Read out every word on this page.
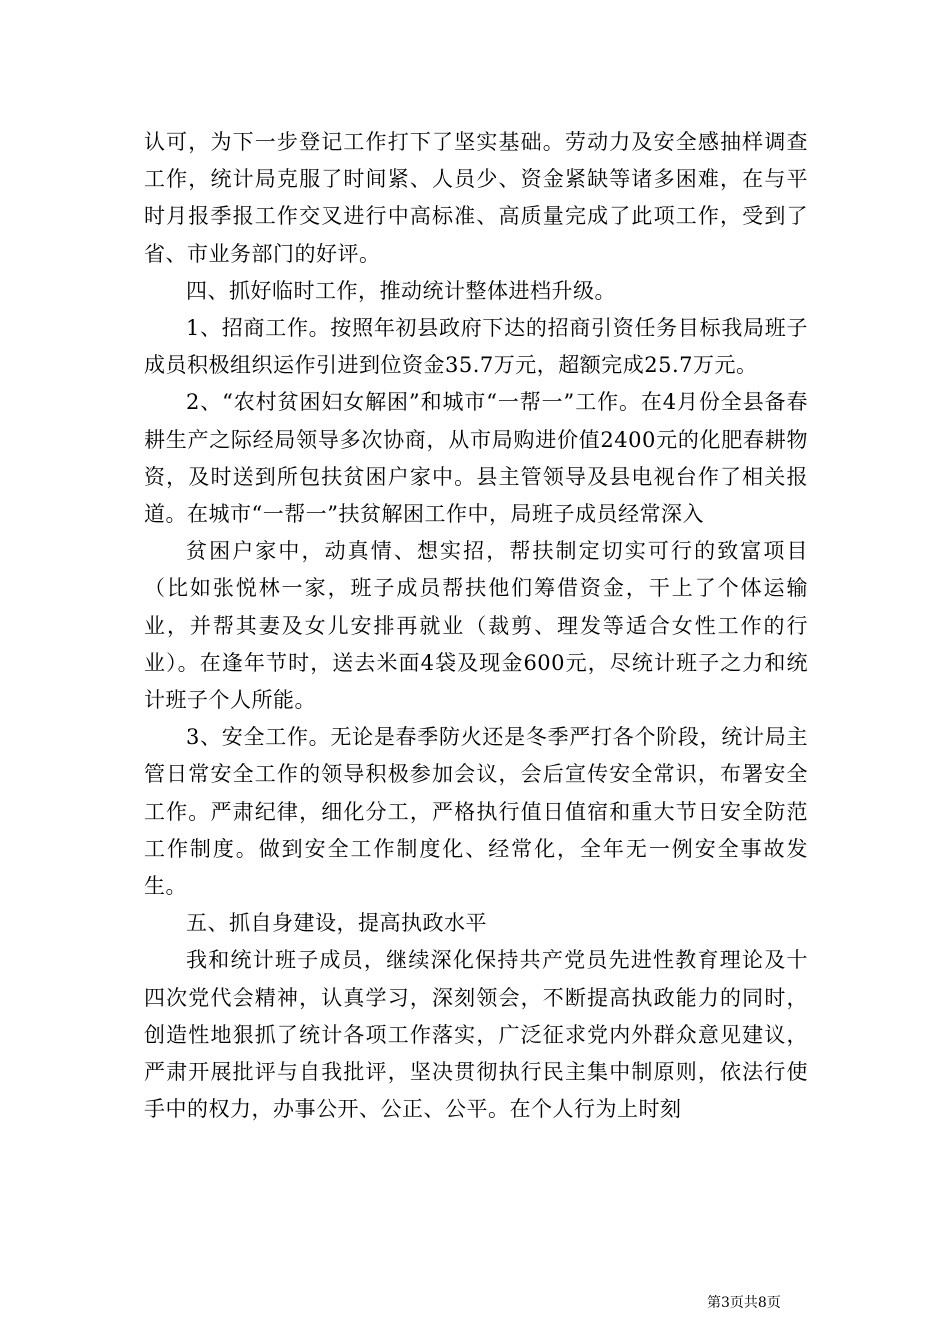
认可，为下一步登记工作打下了坚实基础。劳动力及安全感抽样调查工作，统计局克服了时间紧、人员少、资金紧缺等诸多困难，在与平时月报季报工作交叉进行中高标准、高质量完成了此项工作，受到了省、市业务部门的好评。

四、抓好临时工作，推动统计整体进档升级。

1、招商工作。按照年初县政府下达的招商引资任务目标我局班子成员积极组织运作引进到位资金35.7万元，超额完成25.7万元。

2、“农村贫困妇女解困”和城市“一帮一”工作。在4月份全县备春耕生产之际经局领导多次协商，从市局购进价值2400元的化肥春耕物资，及时送到所包扶贫困户家中。县主管领导及县电视台作了相关报道。在城市“一帮一”扶贫解困工作中，局班子成员经常深入

贫困户家中，动真情、想实招，帮扶制定切实可行的致富项目（比如张悦林一家，班子成员帮扶他们筹借资金，干上了个体运输业，并帮其妻及女儿安排再就业（裁剪、理发等适合女性工作的行业）。在逢年节时，送去米面4袋及现金600元，尽统计班子之力和统计班子个人所能。

3、安全工作。无论是春季防火还是冬季严打各个阶段，统计局主管日常安全工作的领导积极参加会议，会后宣传安全常识，布署安全工作。严肃纪律，细化分工，严格执行值日值宿和重大节日安全防范工作制度。做到安全工作制度化、经常化，全年无一例安全事故发生。

五、抓自身建设，提高执政水平

我和统计班子成员，继续深化保持共产党员先进性教育理论及十四次党代会精神，认真学习，深刻领会，不断提高执政能力的同时，创造性地狠抓了统计各项工作落实，广泛征求党内外群众意见建议，严肃开展批评与自我批评，坚决贯彻执行民主集中制原则，依法行使手中的权力，办事公开、公正、公平。在个人行为上时刻

第3页共8页
